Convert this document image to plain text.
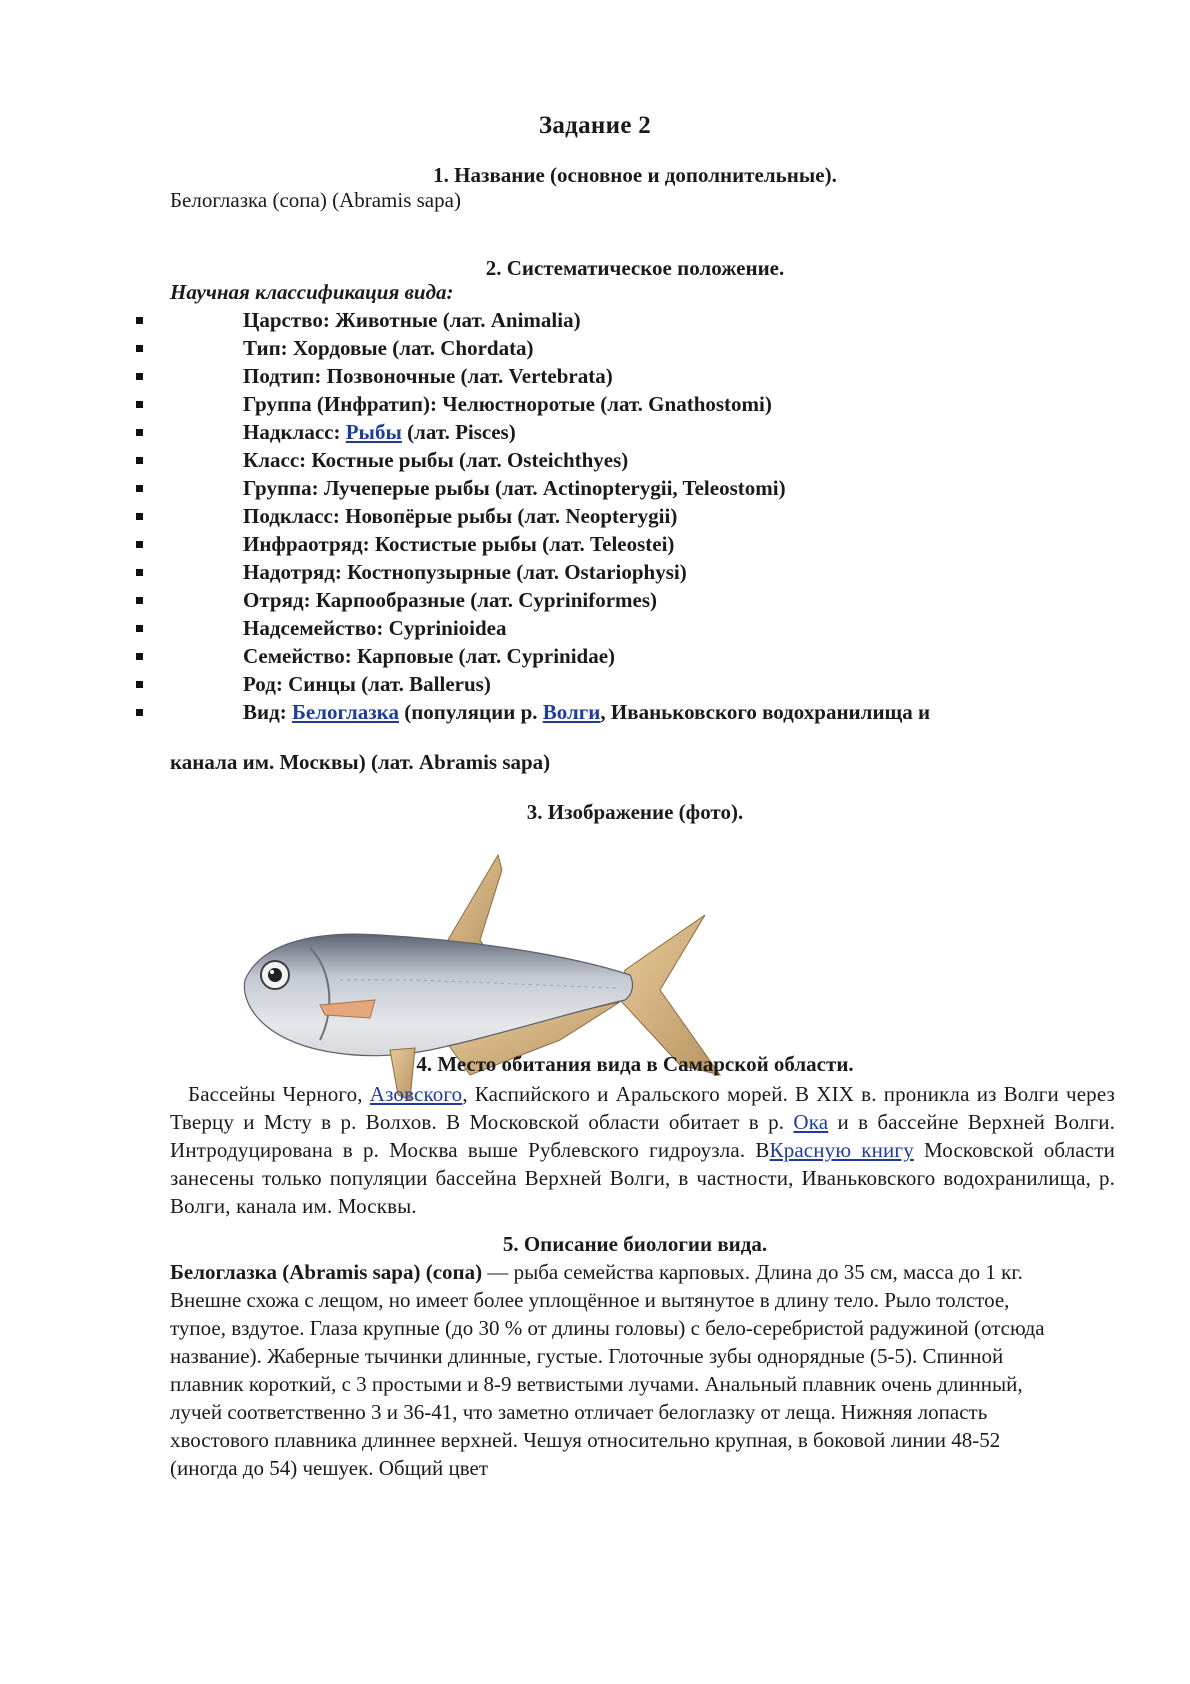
Задание 2
1. Название (основное и дополнительные).
Белоглазка (сопа) (Abramis sapa)
2. Систематическое положение.
Научная классификация вида:
Царство: Животные (лат. Animalia)
Тип: Хордовые (лат. Chordata)
Подтип: Позвоночные (лат. Vertebrata)
Группа (Инфратип): Челюстноротые (лат. Gnathostomi)
Надкласс: Рыбы (лат. Pisces)
Класс: Костные рыбы (лат. Osteichthyes)
Группа: Лучеперые рыбы (лат. Actinopterygii, Teleostomi)
Подкласс: Новопёрые рыбы (лат. Neopterygii)
Инфраотряд: Костистые рыбы (лат. Teleostei)
Надотряд: Костнопузырные (лат. Ostariophysi)
Отряд: Карпообразные (лат. Cypriniformes)
Надсемейство: Cyprinioidea
Семейство: Карповые (лат. Cyprinidae)
Род: Синцы (лат. Ballerus)
Вид: Белоглазка (популяции р. Волги, Иваньковского водохранилища и
канала им. Москвы) (лат. Abramis sapa)
3. Изображение (фото).
4. Место обитания вида в Самарской области.
Бассейны Черного, Азовского, Каспийского и Аральского морей. В XIX в. проникла из Волги через Тверцу и Мсту в р. Волхов. В Московской области обитает в р. Ока и в бассейне Верхней Волги. Интродуцирована в р. Москва выше Рублевского гидроузла. ВКрасную книгу Московской области занесены только популяции бассейна Верхней Волги, в частности, Иваньковского водохранилища, р. Волги, канала им. Москвы.
5. Описание биологии вида.
Белоглазка (Abramis sapa) (сопа) — рыба семейства карповых. Длина до 35 см, масса до 1 кг. Внешне схожа с лещом, но имеет более уплощённое и вытянутое в длину тело. Рыло толстое, тупое, вздутое. Глаза крупные (до 30 % от длины головы) с бело-серебристой радужиной (отсюда название). Жаберные тычинки длинные, густые. Глоточные зубы однорядные (5-5). Спинной плавник короткий, с 3 простыми и 8-9 ветвистыми лучами. Анальный плавник очень длинный, лучей соответственно 3 и 36-41, что заметно отличает белоглазку от леща. Нижняя лопасть хвостового плавника длиннее верхней. Чешуя относительно крупная, в боковой линии 48-52 (иногда до 54) чешуек. Общий цвет
